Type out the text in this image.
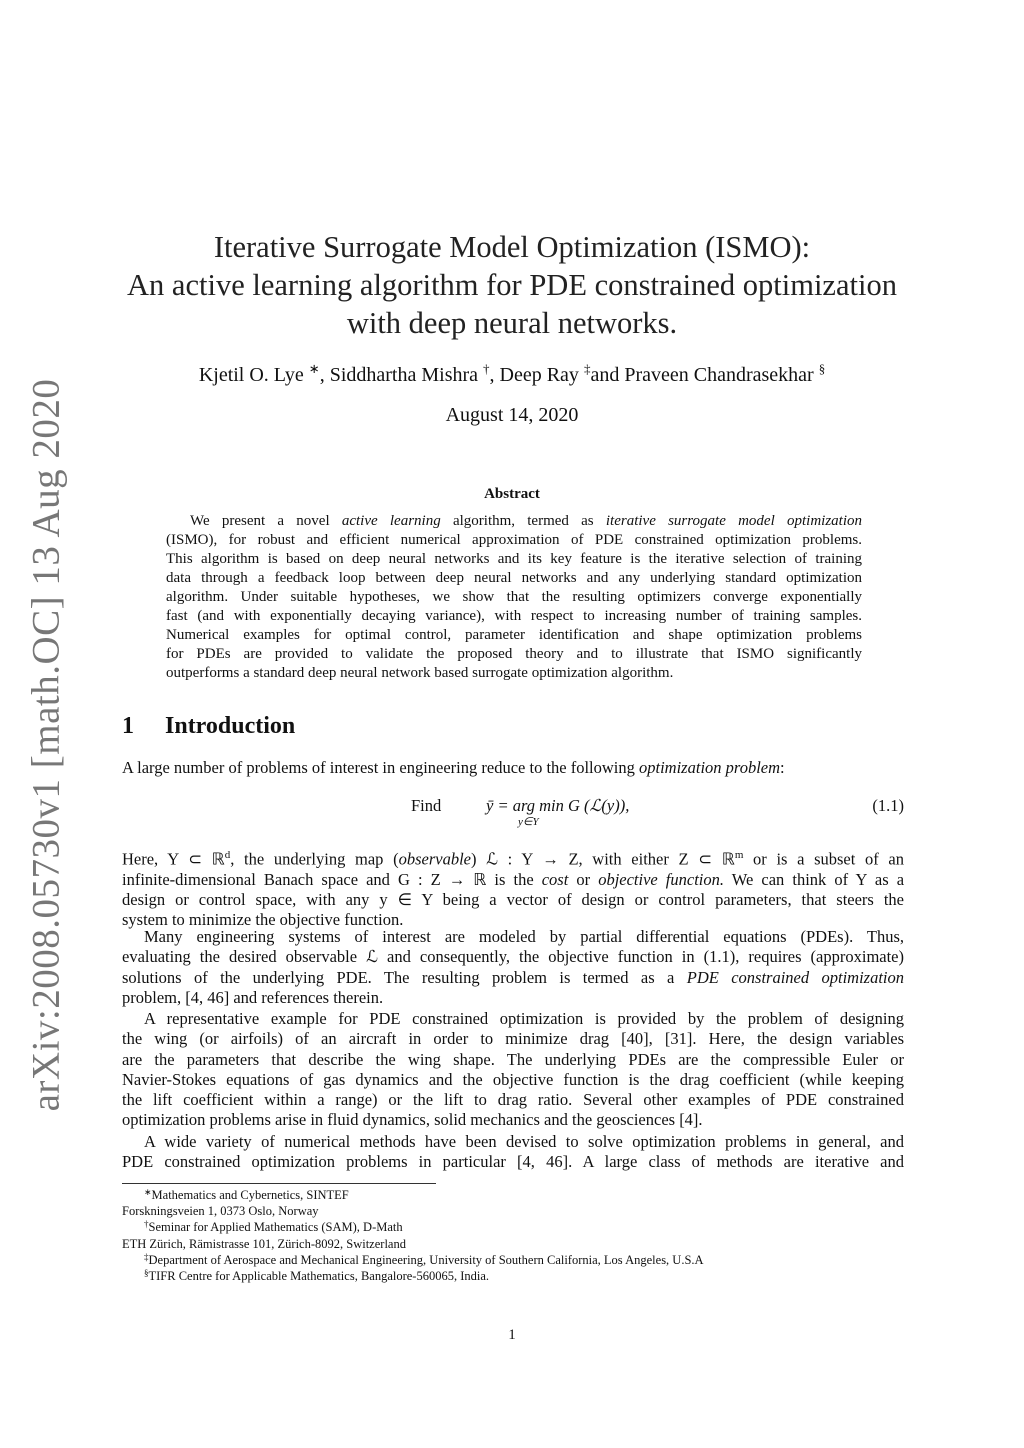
arXiv:2008.05730v1 [math.OC] 13 Aug 2020
Iterative Surrogate Model Optimization (ISMO):
An active learning algorithm for PDE constrained optimization
with deep neural networks.
Kjetil O. Lye ∗, Siddhartha Mishra †, Deep Ray ‡and Praveen Chandrasekhar §
August 14, 2020
Abstract
We present a novel active learning algorithm, termed as iterative surrogate model optimization
(ISMO), for robust and efficient numerical approximation of PDE constrained optimization problems.
This algorithm is based on deep neural networks and its key feature is the iterative selection of training
data through a feedback loop between deep neural networks and any underlying standard optimization
algorithm. Under suitable hypotheses, we show that the resulting optimizers converge exponentially
fast (and with exponentially decaying variance), with respect to increasing number of training samples.
Numerical examples for optimal control, parameter identification and shape optimization problems
for PDEs are provided to validate the proposed theory and to illustrate that ISMO significantly
outperforms a standard deep neural network based surrogate optimization algorithm.
1 Introduction
A large number of problems of interest in engineering reduce to the following optimization problem:
Find	ȳ = arg min G (ℒ(y)),
y∈Y
(1.1)
Here, Y ⊂ ℝ$^d$, the underlying map (observable) ℒ : Y → Z, with either Z ⊂ ℝ$^m$ or is a subset of an
infinite-dimensional Banach space and G : Z → ℝ is the cost or objective function. We can think of Y as a
design or control space, with any y ∈ Y being a vector of design or control parameters, that steers the
system to minimize the objective function.
Many engineering systems of interest are modeled by partial differential equations (PDEs). Thus,
evaluating the desired observable ℒ and consequently, the objective function in (1.1), requires (approximate)
solutions of the underlying PDE. The resulting problem is termed as a PDE constrained optimization
problem, [4, 46] and references therein.
A representative example for PDE constrained optimization is provided by the problem of designing
the wing (or airfoils) of an aircraft in order to minimize drag [40], [31]. Here, the design variables
are the parameters that describe the wing shape. The underlying PDEs are the compressible Euler or
Navier-Stokes equations of gas dynamics and the objective function is the drag coefficient (while keeping
the lift coefficient within a range) or the lift to drag ratio. Several other examples of PDE constrained
optimization problems arise in fluid dynamics, solid mechanics and the geosciences [4].
A wide variety of numerical methods have been devised to solve optimization problems in general, and
PDE constrained optimization problems in particular [4, 46]. A large class of methods are iterative and
∗Mathematics and Cybernetics, SINTEF
Forskningsveien 1, 0373 Oslo, Norway
†Seminar for Applied Mathematics (SAM), D-Math
ETH Zürich, Rämistrasse 101, Zürich-8092, Switzerland
‡Department of Aerospace and Mechanical Engineering, University of Southern California, Los Angeles, U.S.A
§TIFR Centre for Applicable Mathematics, Bangalore-560065, India.
1
